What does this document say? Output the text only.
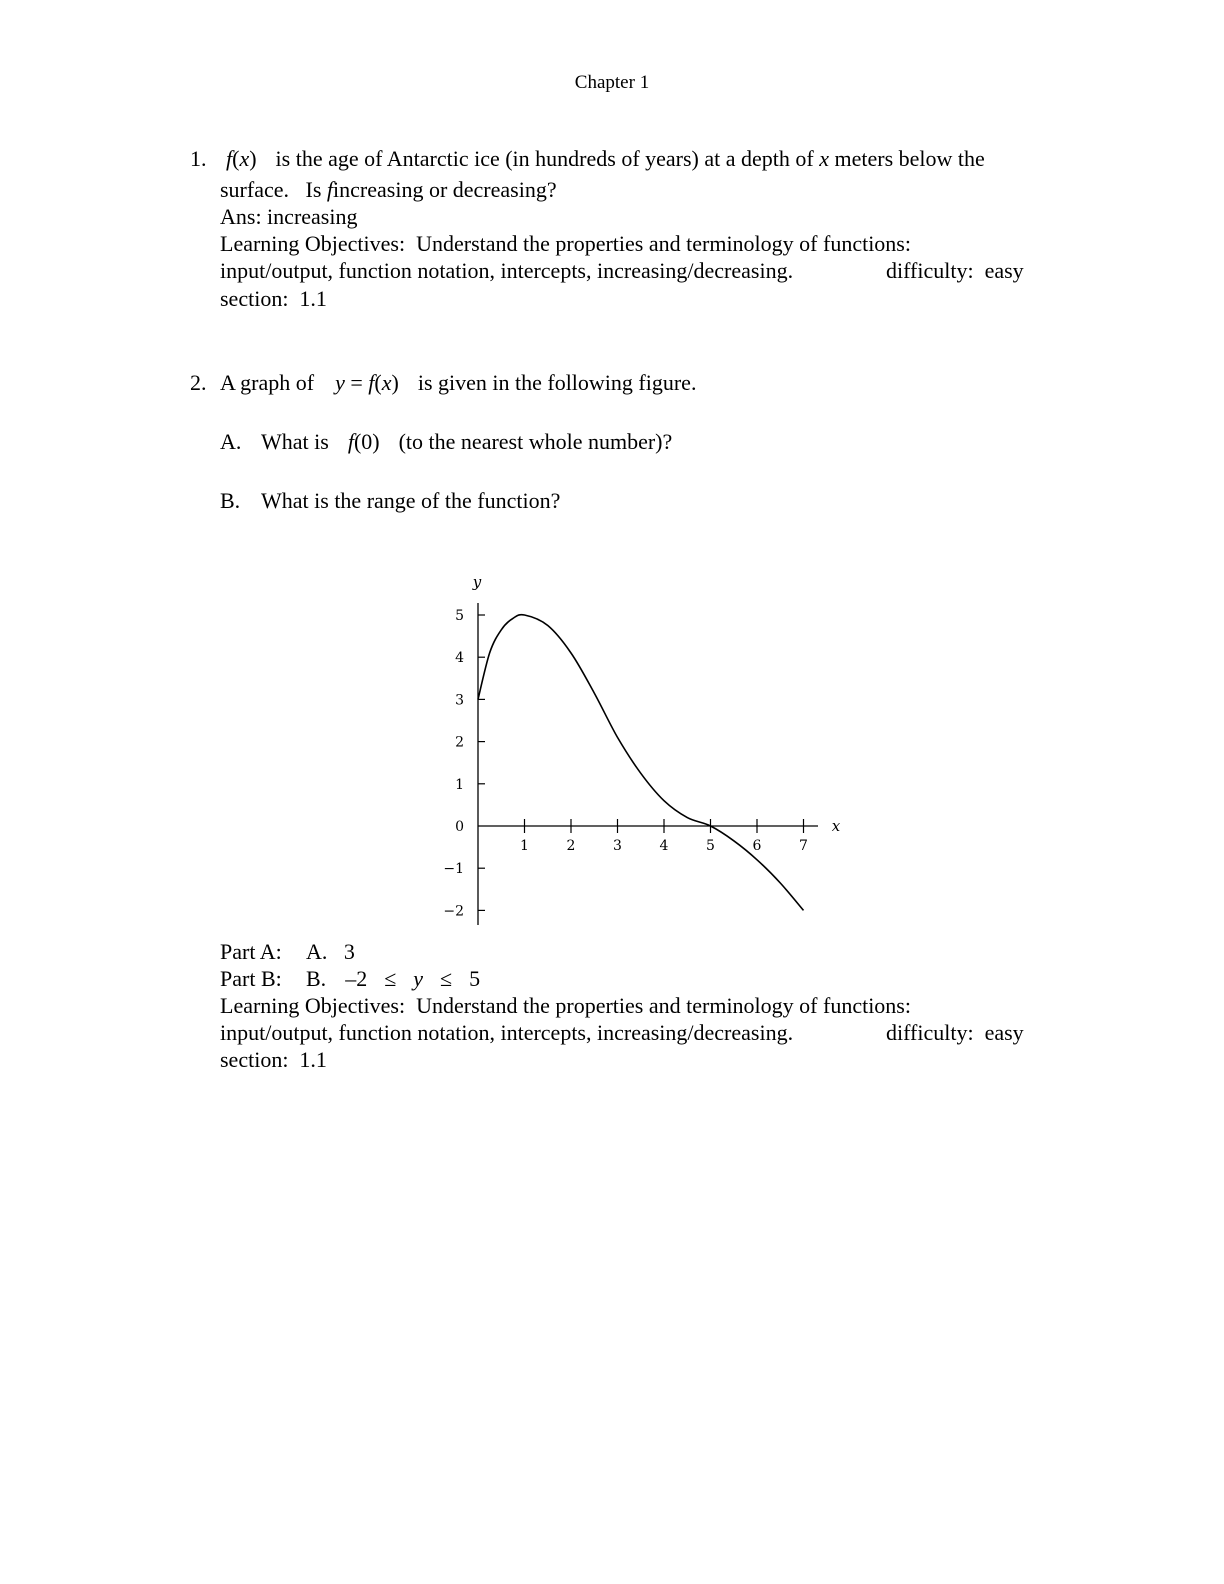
Chapter 1
1. f(x) is the age of Antarctic ice (in hundreds of years) at a depth of x meters below the
surface.   Is fincreasing or decreasing?
Ans: increasing
Learning Objectives:  Understand the properties and terminology of functions:
input/output, function notation, intercepts, increasing/decreasing.	difficulty:  easy
section:  1.1
2. A graph of y = f(x) is given in the following figure.
A. What is f(0) (to the nearest whole number)?
B. What is the range of the function?
y
x
5
4
3
2
1
0
−1
−2
1	2	3	4	5	6	7
Part A: A.   3
Part B: B. –2 ≤ y ≤ 5
Learning Objectives:  Understand the properties and terminology of functions:
input/output, function notation, intercepts, increasing/decreasing.	difficulty:  easy
section:  1.1
